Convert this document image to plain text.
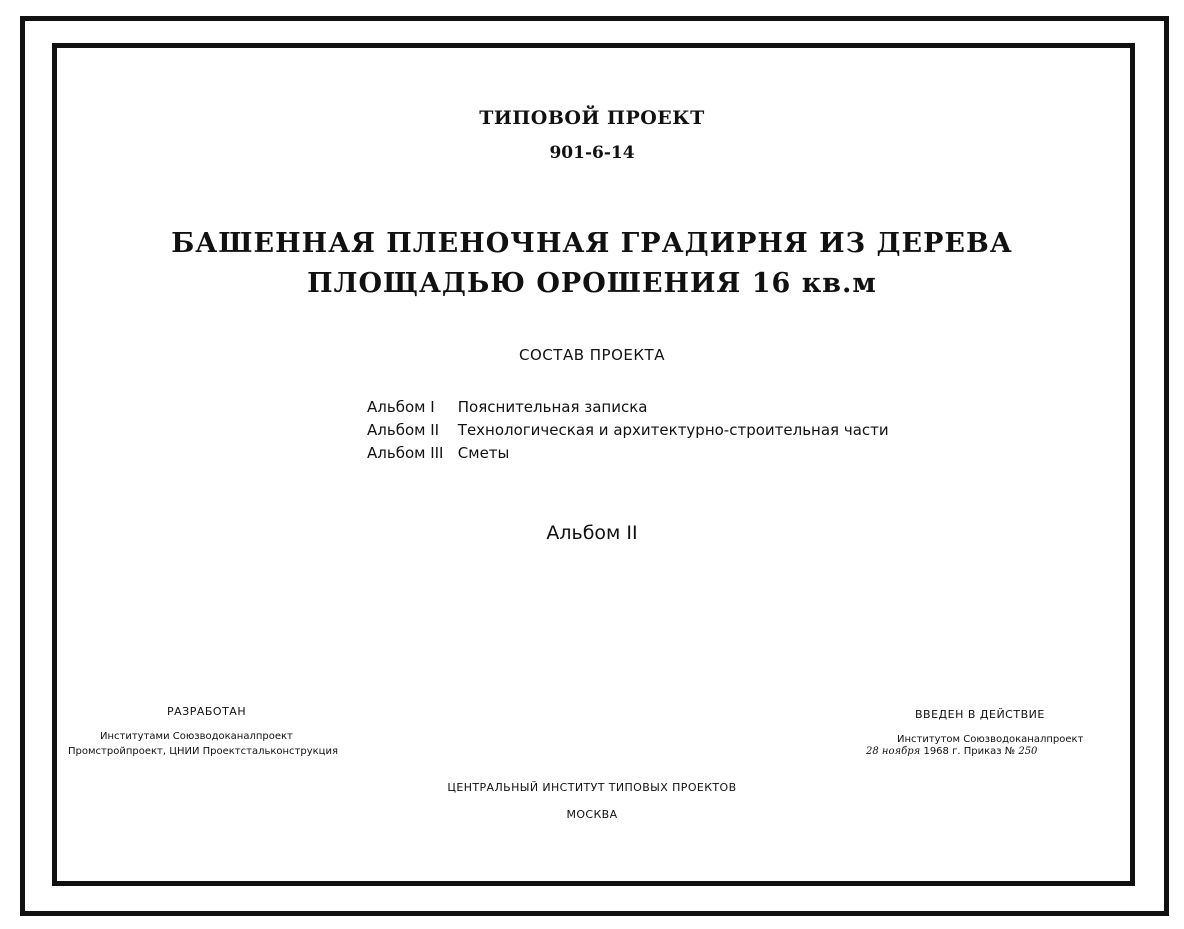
ТИПОВОЙ ПРОЕКТ
901-6-14
БАШЕННАЯ ПЛЕНОЧНАЯ ГРАДИРНЯ ИЗ ДЕРЕВА
ПЛОЩАДЬЮ ОРОШЕНИЯ 16 кв.м
СОСТАВ ПРОЕКТА
Альбом I Пояснительная записка
Альбом II Технологическая и архитектурно-строительная части
Альбом III Сметы
Альбом II
РАЗРАБОТАН
Институтами Союзводоканалпроект
Промстройпроект, ЦНИИ Проектстальконструкция
ВВЕДЕН В ДЕЙСТВИЕ
Институтом Союзводоканалпроект
28 ноября 1968 г. Приказ № 250
ЦЕНТРАЛЬНЫЙ ИНСТИТУТ ТИПОВЫХ ПРОЕКТОВ
МОСКВА
